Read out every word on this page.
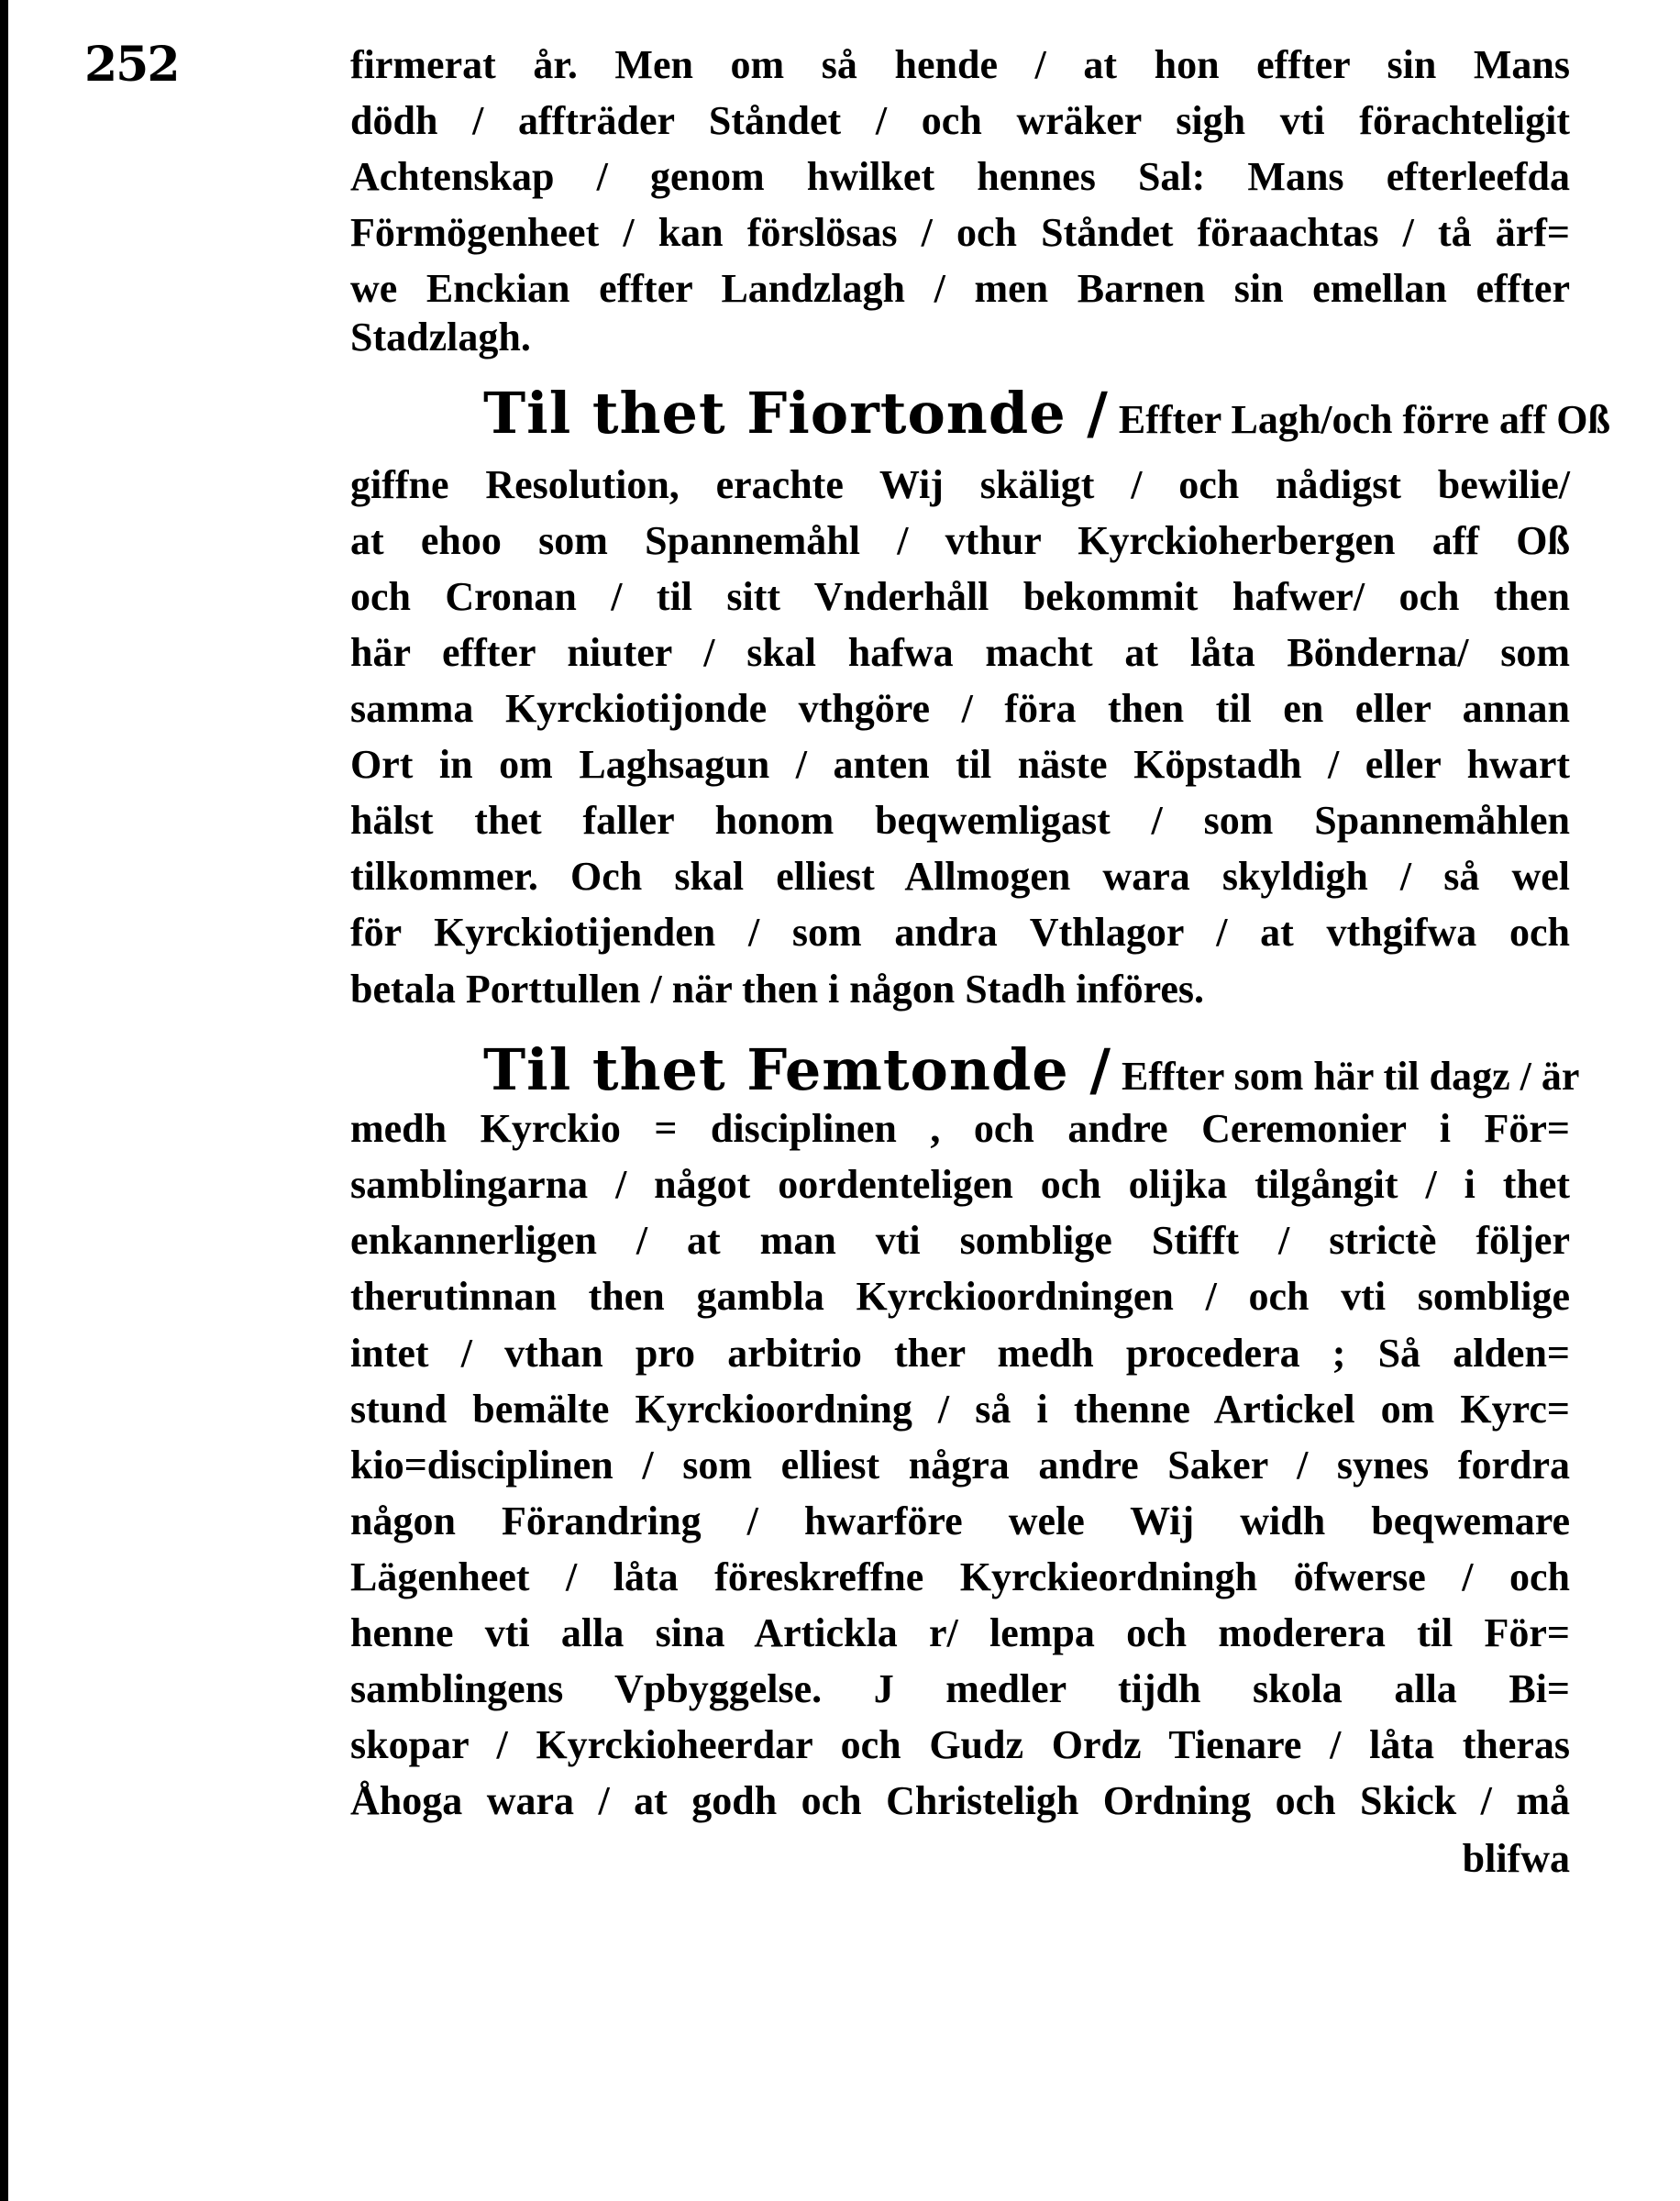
252	firmerat år. Men om så hende / at hon effter sin Mans
dödh / affträder Ståndet / och wräker sigh vti förachteligit
Achtenskap / genom hwilket hennes Sal: Mans efterleefda
Förmögenheet / kan förslösas / och Ståndet föraachtas / tå ärf=
we Enckian effter Landzlagh / men Barnen sin emellan effter
Stadzlagh.
Til thet Fiortonde / Effter Lagh/och förre aff Oß
giffne Resolution, erachte Wij skäligt / och nådigst bewilie/
at ehoo som Spannemåhl / vthur Kyrckioherbergen aff Oß
och Cronan / til sitt Vnderhåll bekommit hafwer/ och then
här effter niuter / skal hafwa macht at låta Bönderna/ som
samma Kyrckiotijonde vthgöre / föra then til en eller annan
Ort in om Laghsagun / anten til näste Köpstadh / eller hwart
hälst thet faller honom beqwemligast / som Spannemåhlen
tilkommer. Och skal elliest Allmogen wara skyldigh / så wel
för Kyrckiotijenden / som andra Vthlagor / at vthgifwa och
betala Porttullen / när then i någon Stadh införes.
Til thet Femtonde / Effter som här til dagz / är
medh Kyrckio = disciplinen , och andre Ceremonier i För=
samblingarna / något oordenteligen och olijka tilgångit / i thet
enkannerligen / at man vti somblige Stifft / strictè följer
therutinnan then gambla Kyrckioordningen / och vti somblige
intet / vthan pro arbitrio ther medh procedera ; Så alden=
stund bemälte Kyrckioordning / så i thenne Artickel om Kyrc=
kio=disciplinen / som elliest några andre Saker / synes fordra
någon Förandring / hwarföre wele Wij widh beqwemare
Lägenheet / låta föreskreffne Kyrckieordningh öfwerse / och
henne vti alla sina Artickla r/ lempa och moderera til För=
samblingens Vpbyggelse. J medler tijdh skola alla Bi=
skopar / Kyrckioheerdar och Gudz Ordz Tienare / låta theras
Åhoga wara / at godh och Christeligh Ordning och Skick / må
blifwa
